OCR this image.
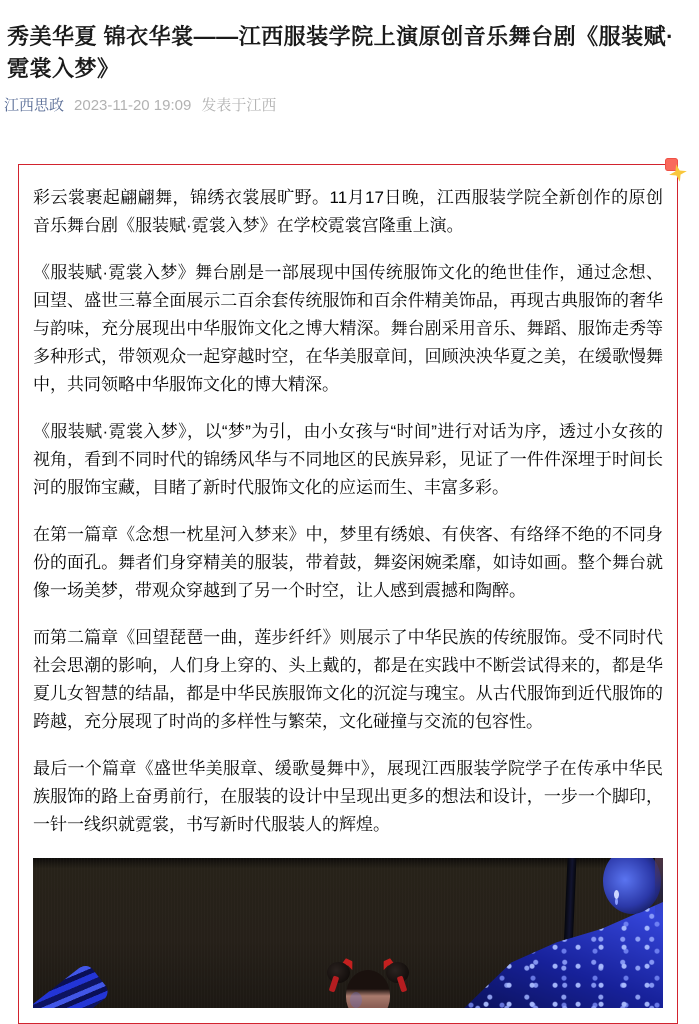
秀美华夏 锦衣华裳——江西服装学院上演原创音乐舞台剧《服装赋·霓裳入梦》
江西思政 2023-11-20 19:09 发表于江西

彩云裳裹起翩翩舞，锦绣衣裳展旷野。11月17日晚，江西服装学院全新创作的原创音乐舞台剧《服装赋·霓裳入梦》在学校霓裳宫隆重上演。

《服装赋·霓裳入梦》舞台剧是一部展现中国传统服饰文化的绝世佳作，通过念想、回望、盛世三幕全面展示二百余套传统服饰和百余件精美饰品，再现古典服饰的奢华与韵味，充分展现出中华服饰文化之博大精深。舞台剧采用音乐、舞蹈、服饰走秀等多种形式，带领观众一起穿越时空，在华美服章间，回顾泱泱华夏之美，在缓歌慢舞中，共同领略中华服饰文化的博大精深。

《服装赋·霓裳入梦》，以“梦”为引，由小女孩与“时间”进行对话为序，透过小女孩的视角，看到不同时代的锦绣风华与不同地区的民族异彩，见证了一件件深埋于时间长河的服饰宝藏，目睹了新时代服饰文化的应运而生、丰富多彩。

在第一篇章《念想一枕星河入梦来》中，梦里有绣娘、有侠客、有络绎不绝的不同身份的面孔。舞者们身穿精美的服装，带着鼓，舞姿闲婉柔靡，如诗如画。整个舞台就像一场美梦，带观众穿越到了另一个时空，让人感到震撼和陶醉。

而第二篇章《回望琵琶一曲，莲步纤纤》则展示了中华民族的传统服饰。受不同时代社会思潮的影响，人们身上穿的、头上戴的，都是在实践中不断尝试得来的，都是华夏儿女智慧的结晶，都是中华民族服饰文化的沉淀与瑰宝。从古代服饰到近代服饰的跨越，充分展现了时尚的多样性与繁荣，文化碰撞与交流的包容性。

最后一个篇章《盛世华美服章、缓歌曼舞中》，展现江西服装学院学子在传承中华民族服饰的路上奋勇前行，在服装的设计中呈现出更多的想法和设计，一步一个脚印，一针一线织就霓裳，书写新时代服装人的辉煌。
